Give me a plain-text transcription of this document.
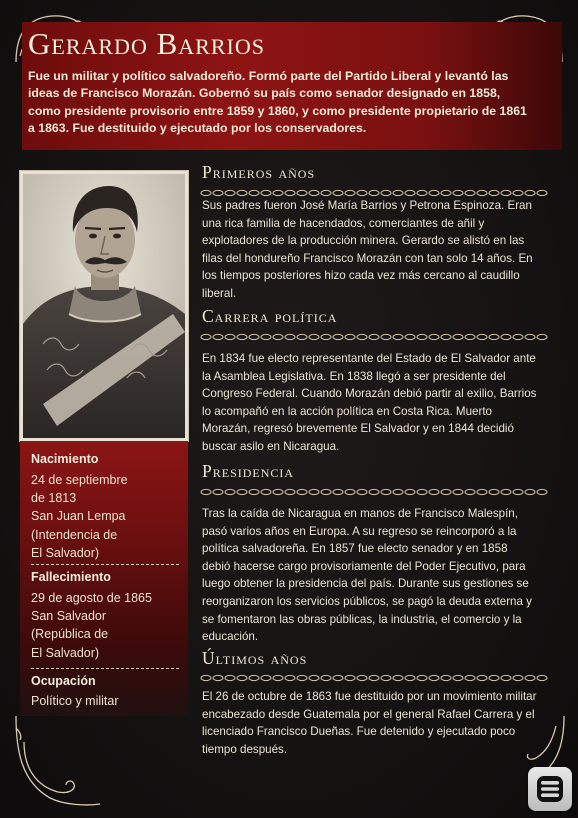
Gerardo Barrios

Fue un militar y político salvadoreño. Formó parte del Partido Liberal y levantó las ideas de Francisco Morazán. Gobernó su país como senador designado en 1858, como presidente provisorio entre 1859 y 1860, y como presidente propietario de 1861 a 1863. Fue destituido y ejecutado por los conservadores.

Nacimiento
24 de septiembre
de 1813
San Juan Lempa
(Intendencia de
El Salvador)
Fallecimiento
29 de agosto de 1865
San Salvador
(República de
El Salvador)
Ocupación
Político y militar
Primeros años

Sus padres fueron José María Barrios y Petrona Espinoza. Eran una rica familia de hacendados, comerciantes de añil y explotadores de la producción minera. Gerardo se alistó en las filas del hondureño Francisco Morazán con tan solo 14 años. En los tiempos posteriores hizo cada vez más cercano al caudillo liberal.

Carrera política

En 1834 fue electo representante del Estado de El Salvador ante la Asamblea Legislativa. En 1838 llegó a ser presidente del Congreso Federal. Cuando Morazán debió partir al exilio, Barrios lo acompañó en la acción política en Costa Rica. Muerto Morazán, regresó brevemente El Salvador y en 1844 decidió buscar asilo en Nicaragua.

Presidencia

Tras la caída de Nicaragua en manos de Francisco Malespín, pasó varios años en Europa. A su regreso se reincorporó a la política salvadoreña. En 1857 fue electo senador y en 1858 debió hacerse cargo provisoriamente del Poder Ejecutivo, para luego obtener la presidencia del país. Durante sus gestiones se reorganizaron los servicios públicos, se pagó la deuda externa y se fomentaron las obras públicas, la industria, el comercio y la educación.

Últimos años

El 26 de octubre de 1863 fue destituido por un movimiento militar encabezado desde Guatemala por el general Rafael Carrera y el licenciado Francisco Dueñas. Fue detenido y ejecutado poco tiempo después.
